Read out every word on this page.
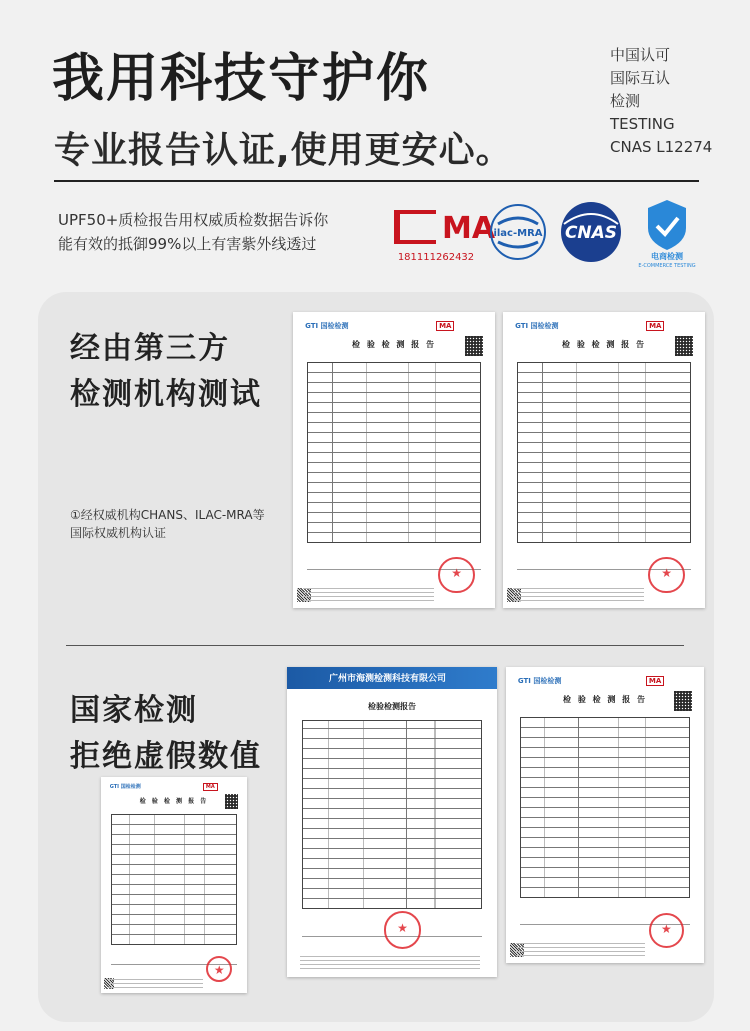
我用科技守护你
专业报告认证,使用更安心。
中国认可
国际互认
检测
TESTING
CNAS L12274
UPF50+质检报告用权威质检数据告诉你
能有效的抵御99%以上有害紫外线透过	MA
181111262432
ilac-MRA CNAS
电商检测
E-COMMERCE TESTING
经由第三方
检测机构测试
①经权威机构CHANS、ILAC-MRA等
国际权威机构认证
GTI 国检检测	MA
检 验 检 测 报 告
★
GTI 国检检测	MA
检 验 检 测 报 告
★
国家检测
拒绝虚假数值
GTI 国检检测	MA
检 验 检 测 报 告
★
广州市海测检测科技有限公司
检验检测报告
★
GTI 国检检测	MA
检 验 检 测 报 告
★
